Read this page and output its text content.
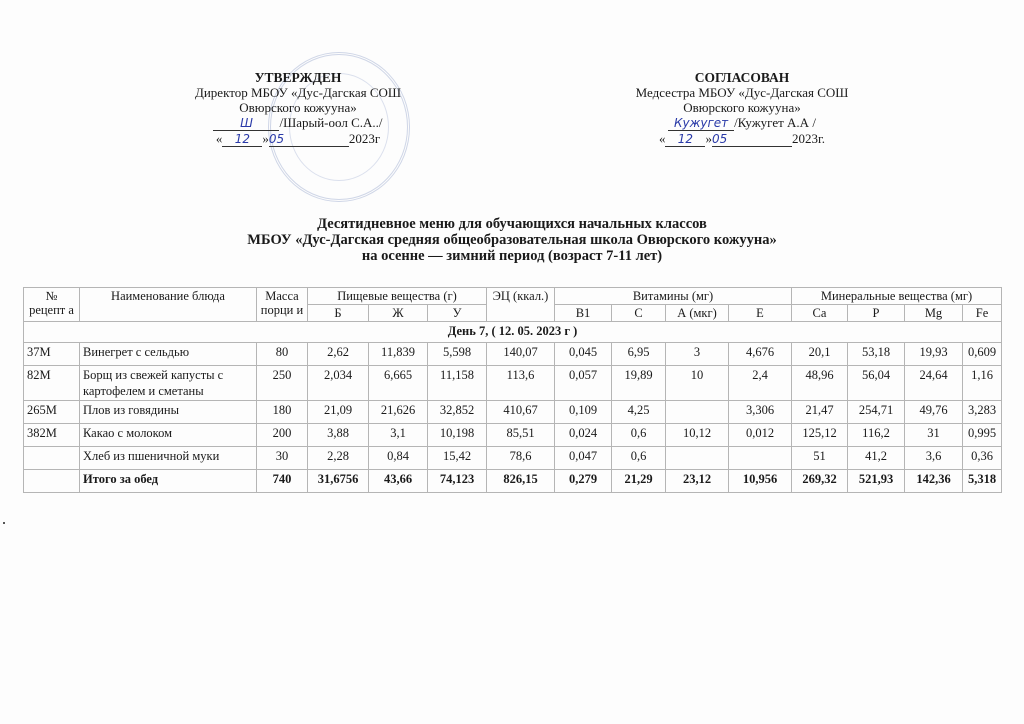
УТВЕРЖДЕН
Директор МБОУ «Дус-Дагская СОШ
Овюрского кожууна»
Ш /Шарый-оол С.А../
« 12 »05	2023г
СОГЛАСОВАН
Медсестра МБОУ «Дус-Дагская СОШ
Овюрского кожууна»
Кужугет /Кужугет А.А /
« 12 »05	2023г.
Десятидневное меню для обучающихся начальных классов
МБОУ «Дус-Дагская средняя общеобразовательная школа Овюрского кожууна»
на осенне — зимний период (возраст 7-11 лет)
№ рецепт а	Наименование блюда	Масса порци и	Пищевые вещества (г)			ЭЦ (ккал.)	Витамины (мг)				Минеральные вещества (мг)			
			Б	Ж	У		B1	C	А (мкг)	E	Ca	P	Mg	Fe
День 7, ( 12. 05. 2023 г )														
37М	Винегрет с сельдью	80	2,62	11,839	5,598	140,07	0,045	6,95	3	4,676	20,1	53,18	19,93	0,609
82М	Борщ из свежей капусты с картофелем и сметаны	250	2,034	6,665	11,158	113,6	0,057	19,89	10	2,4	48,96	56,04	24,64	1,16
265М	Плов из говядины	180	21,09	21,626	32,852	410,67	0,109	4,25		3,306	21,47	254,71	49,76	3,283
382М	Какао с молоком	200	3,88	3,1	10,198	85,51	0,024	0,6	10,12	0,012	125,12	116,2	31	0,995
	Хлеб из пшеничной муки	30	2,28	0,84	15,42	78,6	0,047	0,6			51	41,2	3,6	0,36
	Итого за обед	740	31,6756	43,66	74,123	826,15	0,279	21,29	23,12	10,956	269,32	521,93	142,36	5,318
